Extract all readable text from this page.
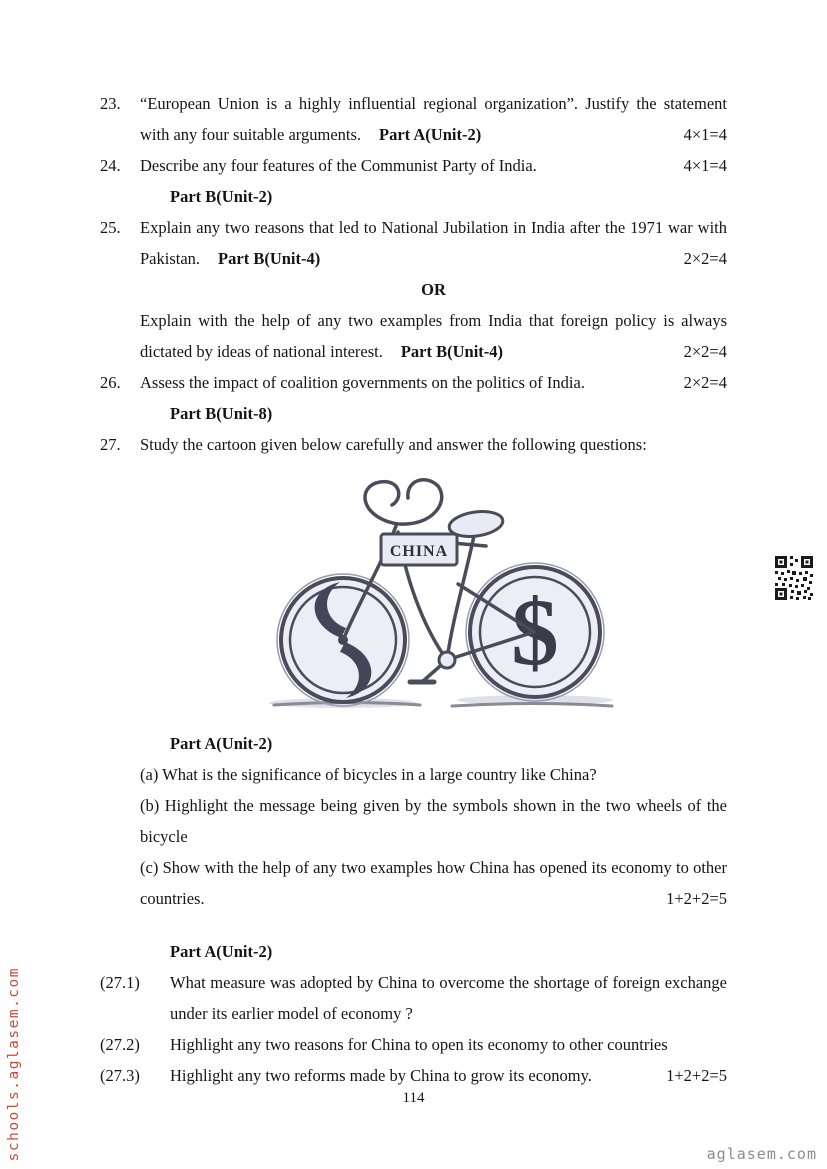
23.	“European Union is a highly influential regional organization”. Justify the statement with any four suitable arguments. Part A(Unit-2)	4×1=4

24.	Describe any four features of the Communist Party of India.	4×1=4

Part B(Unit-2)

25.	Explain any two reasons that led to National Jubilation in India after the 1971 war with Pakistan. Part B(Unit-4)	2×2=4

OR

Explain with the help of any two examples from India that foreign policy is always dictated by ideas of national interest. Part B(Unit-4)	2×2=4

26.	Assess the impact of coalition governments on the politics of India.	2×2=4

Part B(Unit-8)

27.	Study the cartoon given below carefully and answer the following questions:

$
CHINA

Part A(Unit-2)

(a) What is the significance of bicycles in a large country like China?

(b) Highlight the message being given by the symbols shown in the two wheels of the bicycle

(c) Show with the help of any two examples how China has opened its economy to other countries.	1+2+2=5

Part A(Unit-2)

(27.1)	What measure was adopted by China to overcome the shortage of foreign exchange under its earlier model of economy ?

(27.2)	Highlight any two reasons for China to open its economy to other countries

(27.3)	Highlight any two reforms made by China to grow its economy.	1+2+2=5

114
schools.aglasem.com	aglasem.com
